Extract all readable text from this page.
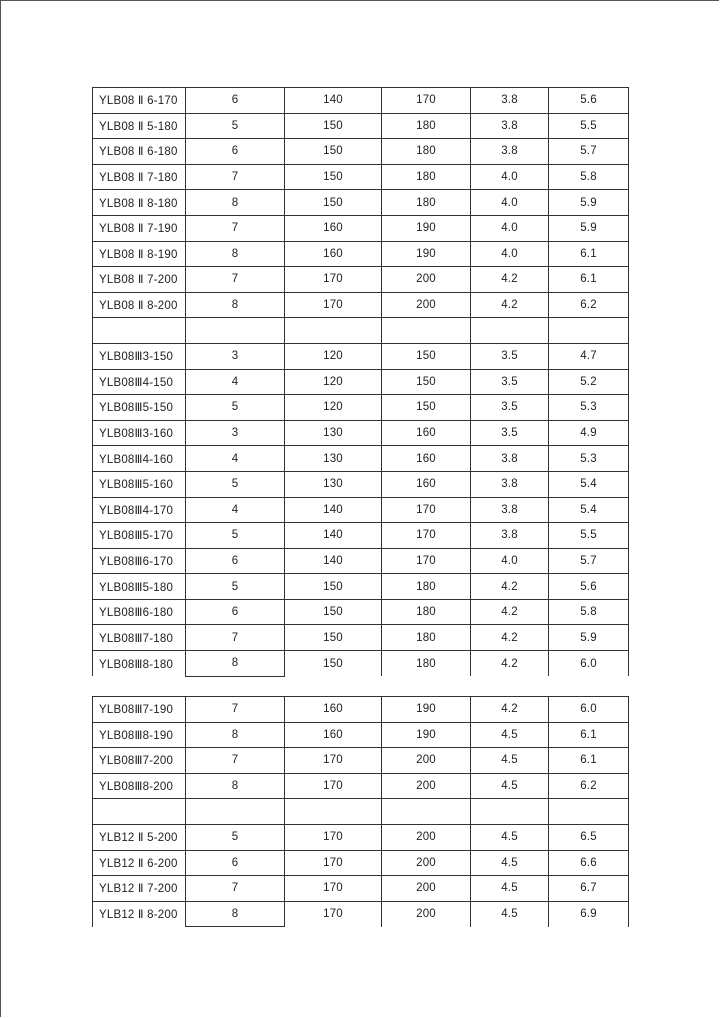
YLB08 Ⅱ 6-170	6	140	170	3.8	5.6
YLB08 Ⅱ 5-180	5	150	180	3.8	5.5
YLB08 Ⅱ 6-180	6	150	180	3.8	5.7
YLB08 Ⅱ 7-180	7	150	180	4.0	5.8
YLB08 Ⅱ 8-180	8	150	180	4.0	5.9
YLB08 Ⅱ 7-190	7	160	190	4.0	5.9
YLB08 Ⅱ 8-190	8	160	190	4.0	6.1
YLB08 Ⅱ 7-200	7	170	200	4.2	6.1
YLB08 Ⅱ 8-200	8	170	200	4.2	6.2

YLB08Ⅲ3-150	3	120	150	3.5	4.7
YLB08Ⅲ4-150	4	120	150	3.5	5.2
YLB08Ⅲ5-150	5	120	150	3.5	5.3
YLB08Ⅲ3-160	3	130	160	3.5	4.9
YLB08Ⅲ4-160	4	130	160	3.8	5.3
YLB08Ⅲ5-160	5	130	160	3.8	5.4
YLB08Ⅲ4-170	4	140	170	3.8	5.4
YLB08Ⅲ5-170	5	140	170	3.8	5.5
YLB08Ⅲ6-170	6	140	170	4.0	5.7
YLB08Ⅲ5-180	5	150	180	4.2	5.6
YLB08Ⅲ6-180	6	150	180	4.2	5.8
YLB08Ⅲ7-180	7	150	180	4.2	5.9
YLB08Ⅲ8-180	8	150	180	4.2	6.0
YLB08Ⅲ7-190	7	160	190	4.2	6.0
YLB08Ⅲ8-190	8	160	190	4.5	6.1
YLB08Ⅲ7-200	7	170	200	4.5	6.1
YLB08Ⅲ8-200	8	170	200	4.5	6.2

YLB12 Ⅱ 5-200	5	170	200	4.5	6.5
YLB12 Ⅱ 6-200	6	170	200	4.5	6.6
YLB12 Ⅱ 7-200	7	170	200	4.5	6.7
YLB12 Ⅱ 8-200	8	170	200	4.5	6.9
